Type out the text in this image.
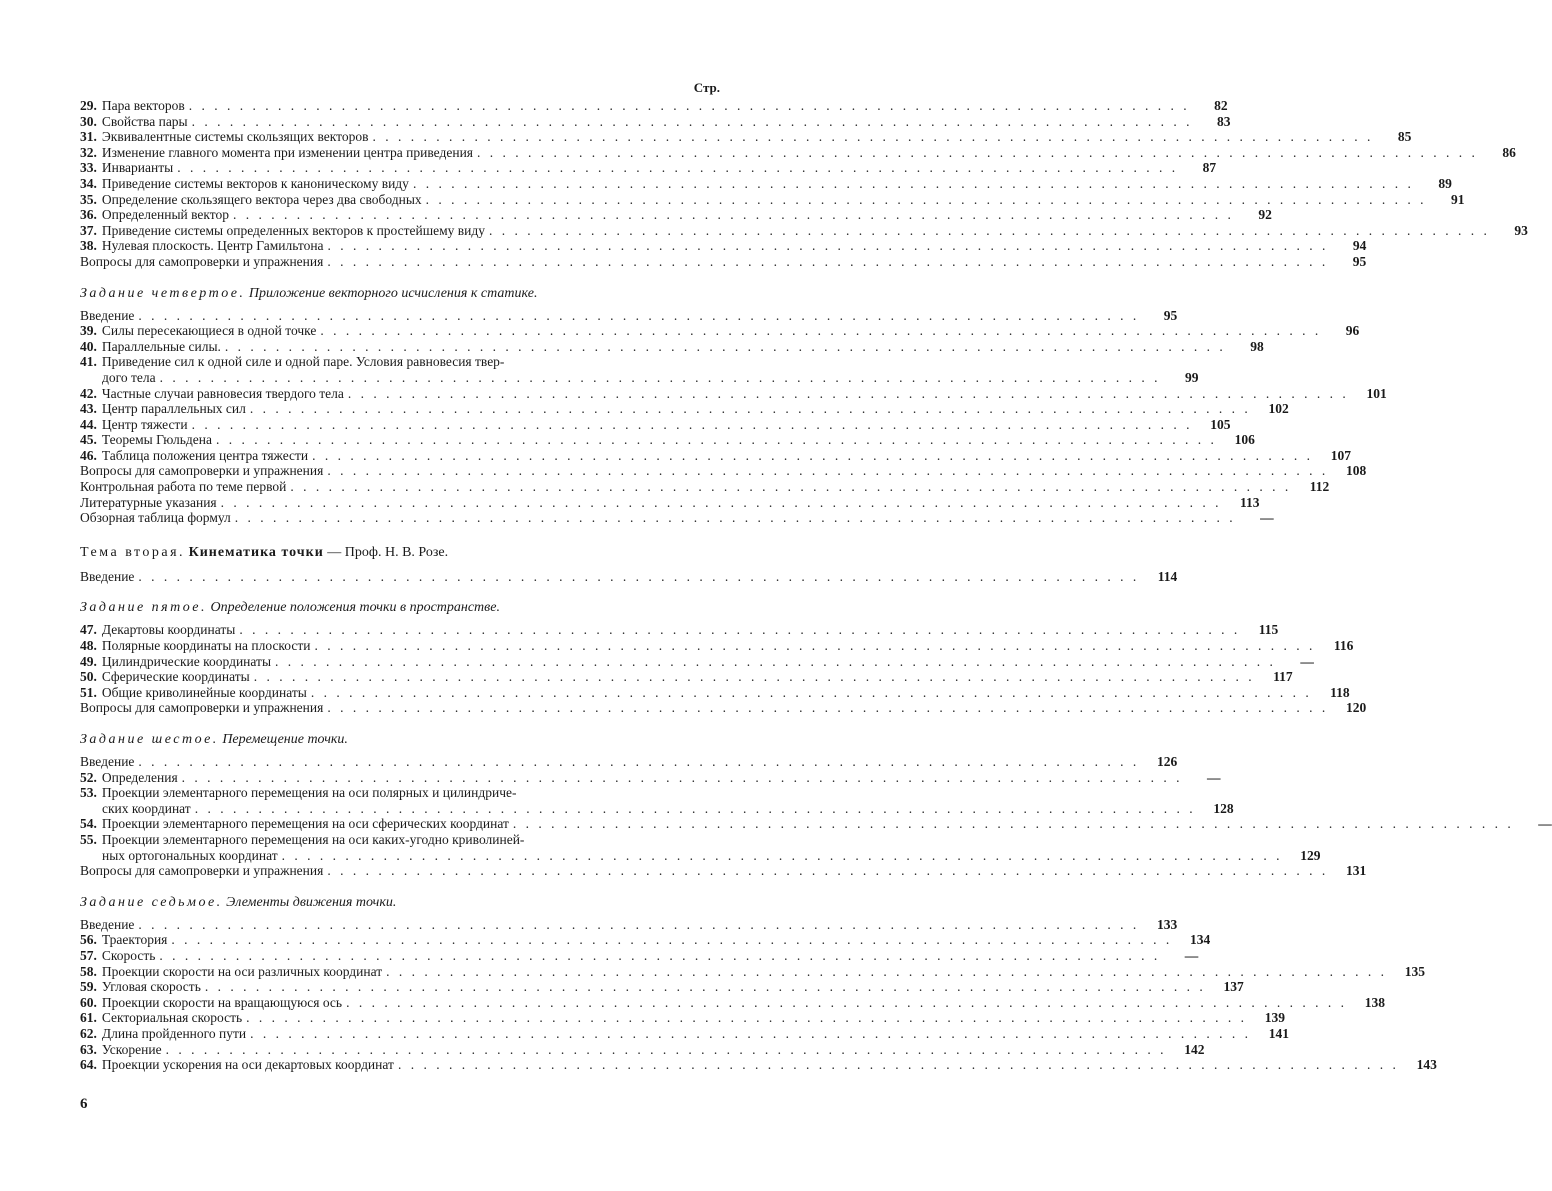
Стр.
29. Пара векторов . . .	82
30. Свойства пары . . .	83
31. Эквивалентные системы скользящих векторов . . .	85
32. Изменение главного момента при изменении центра приведения . . .	86
33. Инварианты . . .	87
34. Приведение системы векторов к каноническому виду . . .	89
35. Определение скользящего вектора через два свободных . . .	91
36. Определенный вектор . . .	92
37. Приведение системы определенных векторов к простейшему виду . . .	93
38. Нулевая плоскость. Центр Гамильтона . . .	94
Вопросы для самопроверки и упражнения . . .	95
Задание четвертое. Приложение векторного исчисления к статике.
Введение . . .	95
39. Силы пересекающиеся в одной точке . . .	96
40. Параллельные силы. . . .	98
41. Приведение сил к одной силе и одной паре. Условия равновесия твер-
дого тела . . .	99
42. Частные случаи равновесия твердого тела . . .	101
43. Центр параллельных сил . . .	102
44. Центр тяжести . . .	105
45. Теоремы Гюльдена . . .	106
46. Таблица положения центра тяжести . . .	107
Вопросы для самопроверки и упражнения . . .	108
Контрольная работа по теме первой . . .	112
Литературные указания . . .	113
Обзорная таблица формул . . .	—
Тема вторая. Кинематика точки — Проф. Н. В. Розе.
Введение . . .	114
Задание пятое. Определение положения точки в пространстве.
47. Декартовы координаты . . .	115
48. Полярные координаты на плоскости . . .	116
49. Цилиндрические координаты . . .	—
50. Сферические координаты . . .	117
51. Общие криволинейные координаты . . .	118
Вопросы для самопроверки и упражнения . . .	120
Задание шестое. Перемещение точки.
Введение . . .	126
52. Определения . . .	—
53. Проекции элементарного перемещения на оси полярных и цилиндриче-
ских координат . . .	128
54. Проекции элементарного перемещения на оси сферических координат . . .	—
55. Проекции элементарного перемещения на оси каких-угодно криволиней-
ных ортогональных координат . . .	129
Вопросы для самопроверки и упражнения . . .	131
Задание седьмое. Элементы движения точки.
Введение . . .	133
56. Траектория . . .	134
57. Скорость . . .	—
58. Проекции скорости на оси различных координат . . .	135
59. Угловая скорость . . .	137
60. Проекции скорости на вращающуюся ось . . .	138
61. Секториальная скорость . . .	139
62. Длина пройденного пути . . .	141
63. Ускорение . . .	142
64. Проекции ускорения на оси декартовых координат . . .	143
6
